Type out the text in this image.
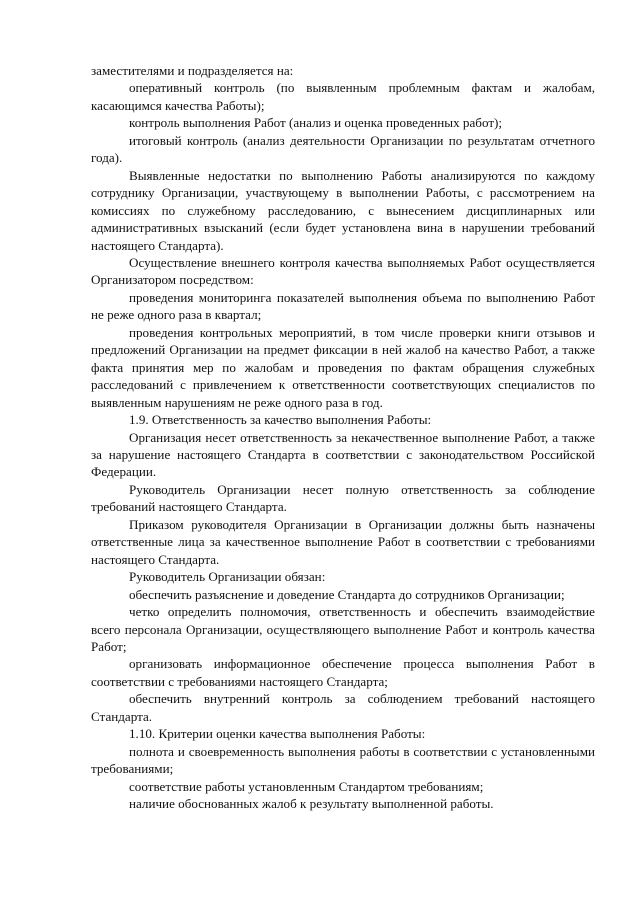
заместителями и подразделяется на:

оперативный контроль (по выявленным проблемным фактам и жалобам, касающимся качества Работы);

контроль выполнения Работ (анализ и оценка проведенных работ);

итоговый контроль (анализ деятельности Организации по результатам отчетного года).

Выявленные недостатки по выполнению Работы анализируются по каждому сотруднику Организации, участвующему в выполнении Работы, с рассмотрением на комиссиях по служебному расследованию, с вынесением дисциплинарных или административных взысканий (если будет установлена вина в нарушении требований настоящего Стандарта).

Осуществление внешнего контроля качества выполняемых Работ осуществляется Организатором посредством:

проведения мониторинга показателей выполнения объема по выполнению Работ не реже одного раза в квартал;

проведения контрольных мероприятий, в том числе проверки книги отзывов и предложений Организации на предмет фиксации в ней жалоб на качество Работ, а также факта принятия мер по жалобам и проведения по фактам обращения служебных расследований с привлечением к ответственности соответствующих специалистов по выявленным нарушениям не реже одного раза в год.

1.9. Ответственность за качество выполнения Работы:

Организация несет ответственность за некачественное выполнение Работ, а также за нарушение настоящего Стандарта в соответствии с законодательством Российской Федерации.

Руководитель Организации несет полную ответственность за соблюдение требований настоящего Стандарта.

Приказом руководителя Организации в Организации должны быть назначены ответственные лица за качественное выполнение Работ в соответствии с требованиями настоящего Стандарта.

Руководитель Организации обязан:

обеспечить разъяснение и доведение Стандарта до сотрудников Организации;

четко определить полномочия, ответственность и обеспечить взаимодействие всего персонала Организации, осуществляющего выполнение Работ и контроль качества Работ;

организовать информационное обеспечение процесса выполнения Работ в соответствии с требованиями настоящего Стандарта;

обеспечить внутренний контроль за соблюдением требований настоящего Стандарта.

1.10. Критерии оценки качества выполнения Работы:

полнота и своевременность выполнения работы в соответствии с установленными требованиями;

соответствие работы установленным Стандартом требованиям;

наличие обоснованных жалоб к результату выполненной работы.
